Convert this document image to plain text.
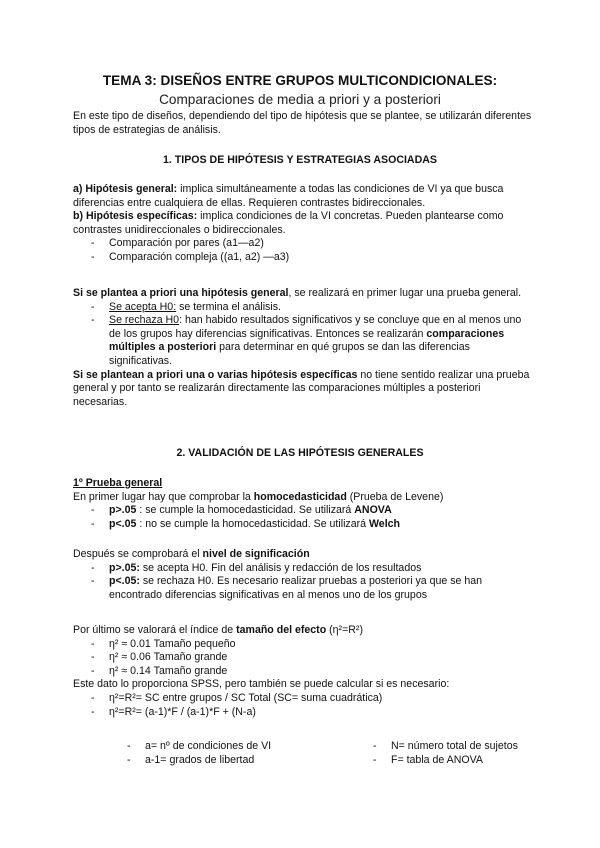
TEMA 3: DISEÑOS ENTRE GRUPOS MULTICONDICIONALES:
Comparaciones de media a priori y a posteriori

En este tipo de diseños, dependiendo del tipo de hipótesis que se plantee, se utilizarán diferentes tipos de estrategias de análisis.

1. TIPOS DE HIPÓTESIS Y ESTRATEGIAS ASOCIADAS

a) Hipótesis general: implica simultáneamente a todas las condiciones de VI ya que busca diferencias entre cualquiera de ellas. Requieren contrastes bidireccionales.

b) Hipótesis específicas: implica condiciones de la VI concretas. Pueden plantearse como contrastes unidireccionales o bidireccionales.

- Comparación por pares (a1—a2)
- Comparación compleja ((a1, a2) —a3)

Si se plantea a priori una hipótesis general, se realizará en primer lugar una prueba general.

- Se acepta H0: se termina el análisis.
- Se rechaza H0: han habido resultados significativos y se concluye que en al menos uno de los grupos hay diferencias significativas. Entonces se realizarán comparaciones múltiples a posteriori para determinar en qué grupos se dan las diferencias significativas.

Si se plantean a priori una o varias hipótesis específicas no tiene sentido realizar una prueba general y por tanto se realizarán directamente las comparaciones múltiples a posteriori necesarias.

2. VALIDACIÓN DE LAS HIPÓTESIS GENERALES

1º Prueba general

En primer lugar hay que comprobar la homocedasticidad (Prueba de Levene)

- p>.05 : se cumple la homocedasticidad. Se utilizará ANOVA
- p<.05 : no se cumple la homocedasticidad. Se utilizará Welch

Después se comprobará el nivel de significación

- p>.05: se acepta H0. Fin del análisis y redacción de los resultados
- p<.05: se rechaza H0. Es necesario realizar pruebas a posteriori ya que se han encontrado diferencias significativas en al menos uno de los grupos

Por último se valorará el índice de tamaño del efecto (η²=R²)

- η² ≈ 0.01 Tamaño pequeño
- η² ≈ 0.06 Tamaño grande
- η² ≈ 0.14 Tamaño grande

Este dato lo proporciona SPSS, pero también se puede calcular si es necesario:

- η²=R²= SC entre grupos / SC Total (SC= suma cuadrática)
- η²=R²= (a-1)*F / (a-1)*F + (N-a)
- a= nº de condiciones de VI
- a-1= grados de libertad
- N= número total de sujetos
- F= tabla de ANOVA
